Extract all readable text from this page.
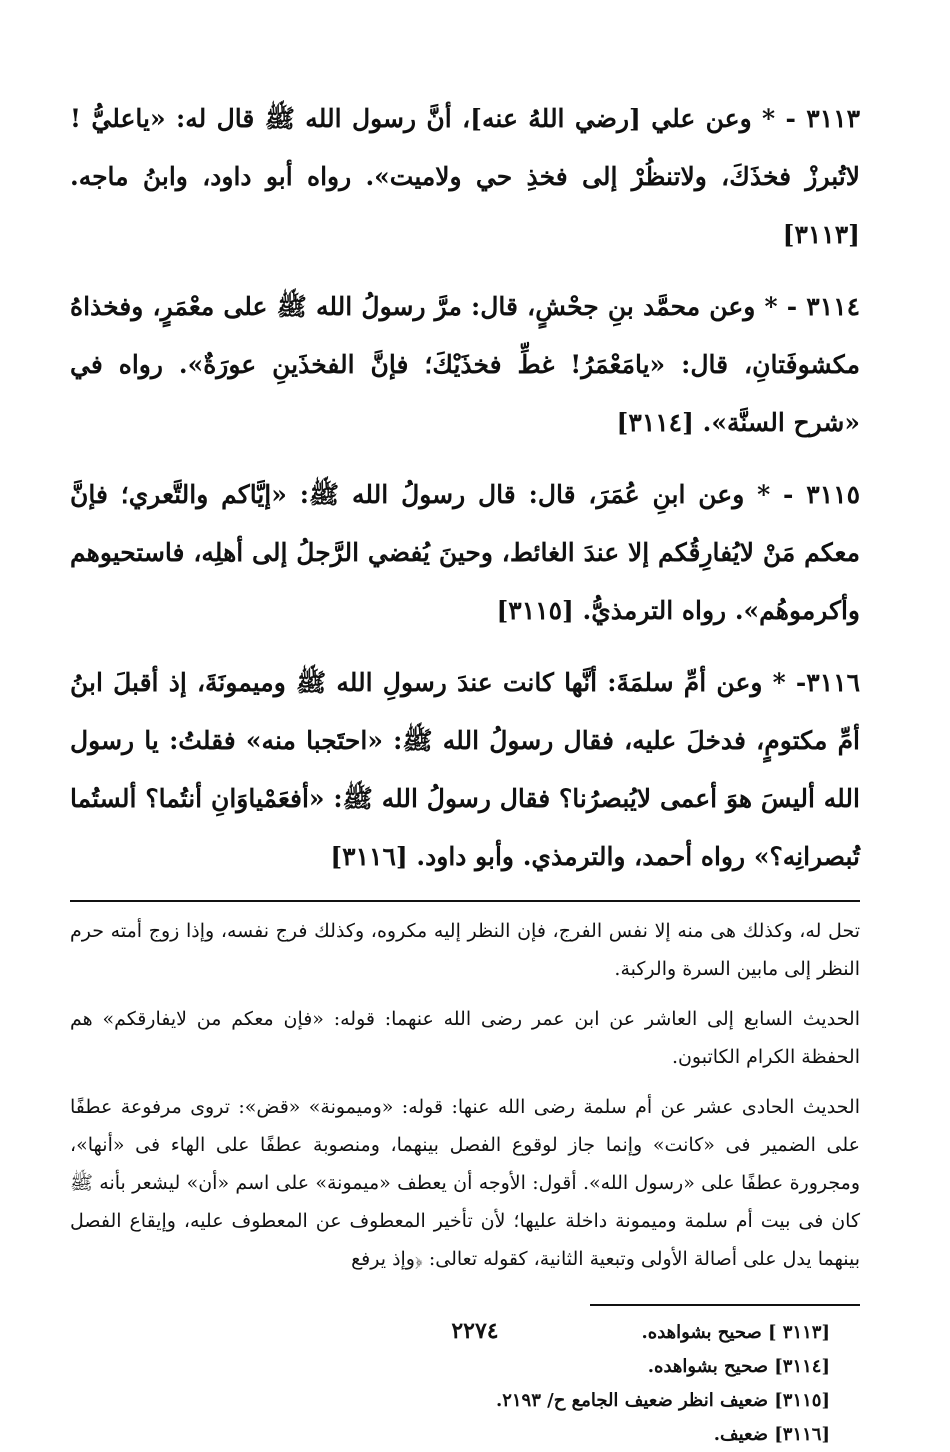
٣١١٣ - * وعن علي [رضي اللهُ عنه]، أنَّ رسول الله ﷺ قال له: «ياعليُّ ! لاتُبرزْ فخذَكَ، ولاتنظُرْ إلى فخذِ حي ولاميت». رواه أبو داود، وابنُ ماجه. [٣١١٣]

٣١١٤ - * وعن محمَّد بنِ جحْشٍ، قال: مرَّ رسولُ الله ﷺ على معْمَرٍ، وفخذاهُ مكشوفَتانِ، قال: «يامَعْمَرُ! غطِّ فخذَيْكَ؛ فإنَّ الفخذَينِ عورَةٌ». رواه في «شرح السنَّة». [٣١١٤]

٣١١٥ - * وعن ابنِ عُمَرَ، قال: قال رسولُ الله ﷺ: «إيَّاكم والتَّعري؛ فإنَّ معكم مَنْ لايُفارِقُكم إلا عندَ الغائط، وحينَ يُفضي الرَّجلُ إلى أهلِه، فاستحيوهم وأكرموهُم». رواه الترمذيُّ. [٣١١٥]

٣١١٦- * وعن أمِّ سلمَةَ: أنَّها كانت عندَ رسولِ الله ﷺ وميمونَةَ، إذ أقبلَ ابنُ أمِّ مكتومٍ، فدخلَ عليه، فقال رسولُ الله ﷺ: «احتَجبا منه» فقلتُ: يا رسول الله أليسَ هوَ أعمى لايُبصرُنا؟ فقال رسولُ الله ﷺ: «أفعَمْياوَانِ أنتُما؟ ألستُما تُبصرانِه؟» رواه أحمد، والترمذي. وأبو داود. [٣١١٦]

تحل له، وكذلك هى منه إلا نفس الفرج، فإن النظر إليه مكروه، وكذلك فرج نفسه، وإذا زوج أمته حرم النظر إلى مابين السرة والركبة.

الحديث السابع إلى العاشر عن ابن عمر رضى الله عنهما: قوله: «فإن معكم من لايفارقكم» هم الحفظة الكرام الكاتبون.

الحديث الحادى عشر عن أم سلمة رضى الله عنها: قوله: «وميمونة» «قض»: تروى مرفوعة عطفًا على الضمير فى «كانت» وإنما جاز لوقوع الفصل بينهما، ومنصوبة عطفًا على الهاء فى «أنها»، ومجرورة عطفًا على «رسول الله». أقول: الأوجه أن يعطف «ميمونة» على اسم «أن» ليشعر بأنه ﷺ كان فى بيت أم سلمة وميمونة داخلة عليها؛ لأن تأخير المعطوف عن المعطوف عليه، وإيقاع الفصل بينهما يدل على أصالة الأولى وتبعية الثانية، كقوله تعالى: ﴿وإذ يرفع

[٣١١٣ ] صحيح بشواهده.

[٣١١٤] صحيح بشواهده.

[٣١١٥] ضعيف انظر ضعيف الجامع ح/ ٢١٩٣.

[٣١١٦] ضعيف.

٢٢٧٤
